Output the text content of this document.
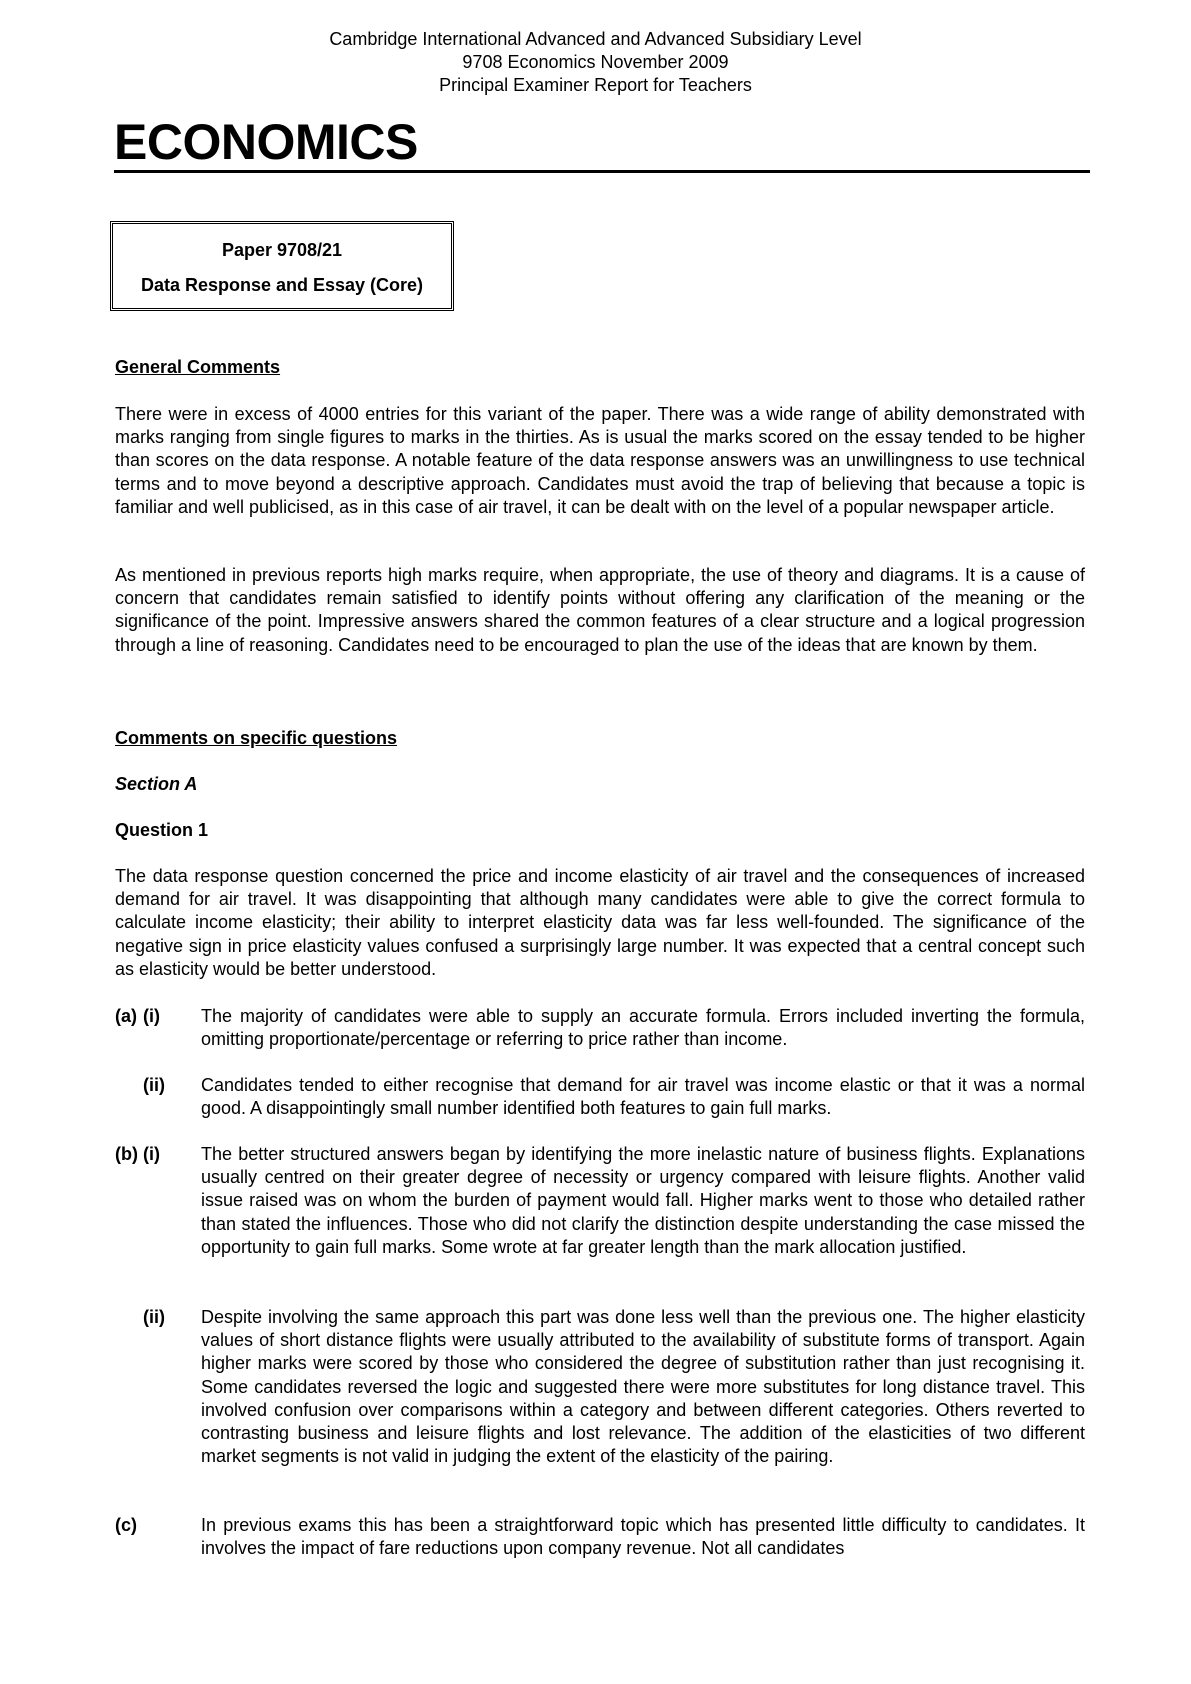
Cambridge International Advanced and Advanced Subsidiary Level
9708 Economics November 2009
Principal Examiner Report for Teachers
ECONOMICS
Paper 9708/21
Data Response and Essay (Core)
General Comments
There were in excess of 4000 entries for this variant of the paper. There was a wide range of ability demonstrated with marks ranging from single figures to marks in the thirties. As is usual the marks scored on the essay tended to be higher than scores on the data response. A notable feature of the data response answers was an unwillingness to use technical terms and to move beyond a descriptive approach. Candidates must avoid the trap of believing that because a topic is familiar and well publicised, as in this case of air travel, it can be dealt with on the level of a popular newspaper article.
As mentioned in previous reports high marks require, when appropriate, the use of theory and diagrams. It is a cause of concern that candidates remain satisfied to identify points without offering any clarification of the meaning or the significance of the point. Impressive answers shared the common features of a clear structure and a logical progression through a line of reasoning. Candidates need to be encouraged to plan the use of the ideas that are known by them.
Comments on specific questions
Section A
Question 1
The data response question concerned the price and income elasticity of air travel and the consequences of increased demand for air travel. It was disappointing that although many candidates were able to give the correct formula to calculate income elasticity; their ability to interpret elasticity data was far less well-founded. The significance of the negative sign in price elasticity values confused a surprisingly large number. It was expected that a central concept such as elasticity would be better understood.
(a) (i) The majority of candidates were able to supply an accurate formula. Errors included inverting the formula, omitting proportionate/percentage or referring to price rather than income.
(ii) Candidates tended to either recognise that demand for air travel was income elastic or that it was a normal good. A disappointingly small number identified both features to gain full marks.
(b) (i) The better structured answers began by identifying the more inelastic nature of business flights. Explanations usually centred on their greater degree of necessity or urgency compared with leisure flights. Another valid issue raised was on whom the burden of payment would fall. Higher marks went to those who detailed rather than stated the influences. Those who did not clarify the distinction despite understanding the case missed the opportunity to gain full marks. Some wrote at far greater length than the mark allocation justified.
(ii) Despite involving the same approach this part was done less well than the previous one. The higher elasticity values of short distance flights were usually attributed to the availability of substitute forms of transport. Again higher marks were scored by those who considered the degree of substitution rather than just recognising it. Some candidates reversed the logic and suggested there were more substitutes for long distance travel. This involved confusion over comparisons within a category and between different categories. Others reverted to contrasting business and leisure flights and lost relevance. The addition of the elasticities of two different market segments is not valid in judging the extent of the elasticity of the pairing.
(c)	In previous exams this has been a straightforward topic which has presented little difficulty to candidates. It involves the impact of fare reductions upon company revenue. Not all candidates
